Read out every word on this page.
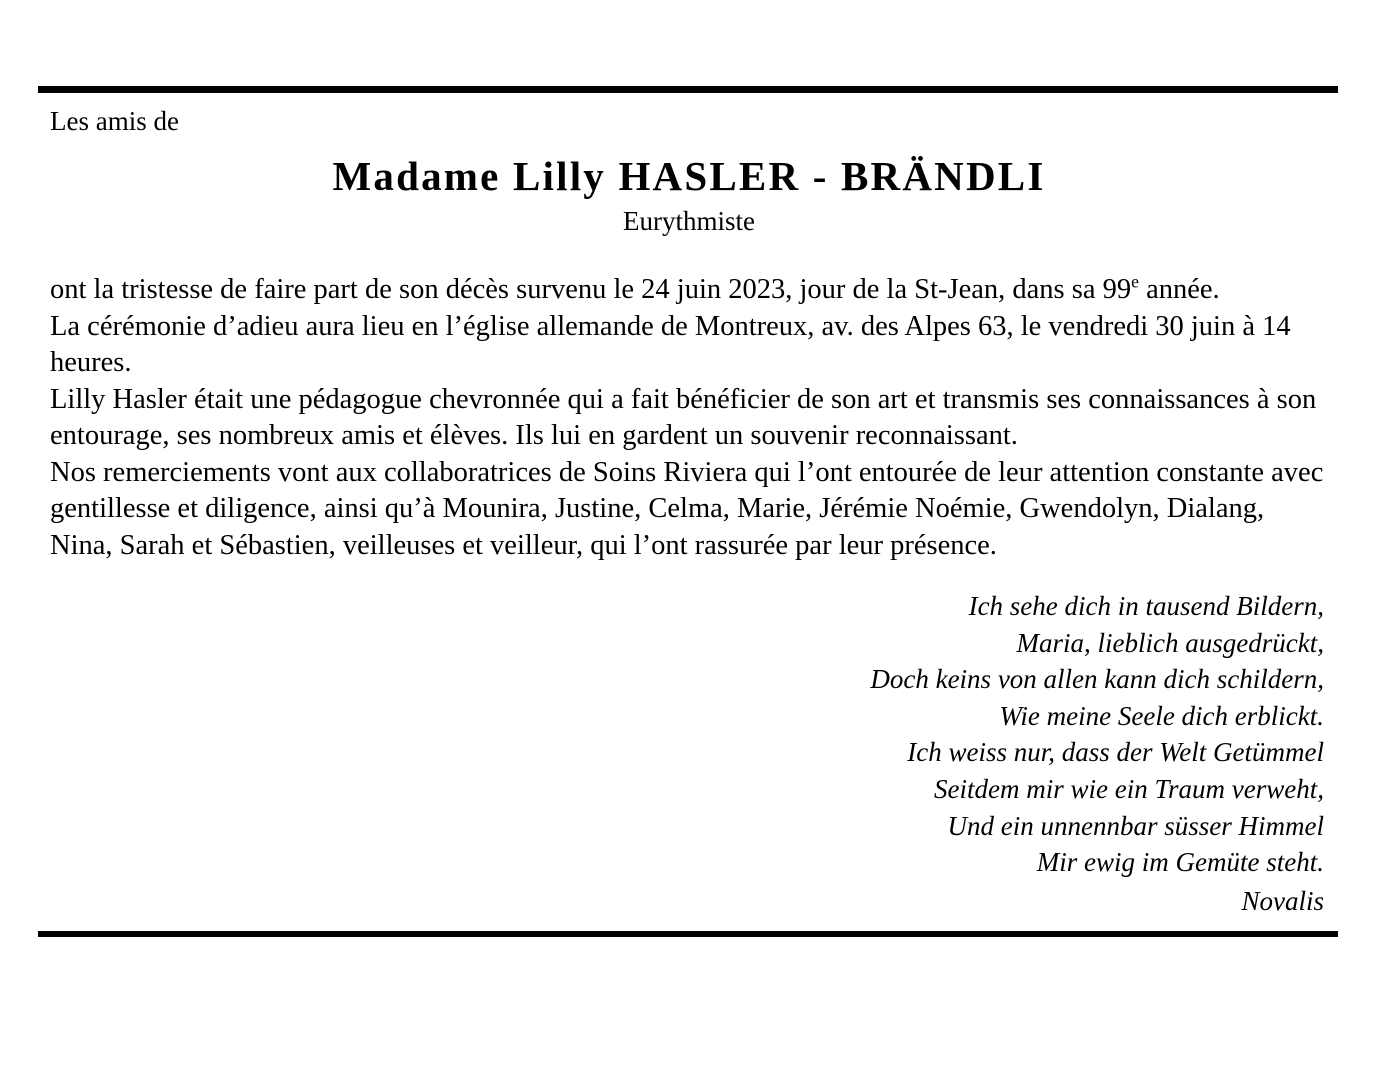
Les amis de
Madame Lilly HASLER - BRÄNDLI
Eurythmiste

ont la tristesse de faire part de son décès survenu le 24 juin 2023, jour de la St-Jean, dans sa 99e année.

La cérémonie d’adieu aura lieu en l’église allemande de Montreux, av. des Alpes 63, le vendredi 30 juin à 14 heures.

Lilly Hasler était une pédagogue chevronnée qui a fait bénéficier de son art et transmis ses connaissances à son entourage, ses nombreux amis et élèves. Ils lui en gardent un souvenir reconnaissant.

Nos remerciements vont aux collaboratrices de Soins Riviera qui l’ont entourée de leur attention constante avec gentillesse et diligence, ainsi qu’à Mounira, Justine, Celma, Marie, Jérémie Noémie, Gwendolyn, Dialang, Nina, Sarah et Sébastien, veilleuses et veilleur, qui l’ont rassurée par leur présence.

Ich sehe dich in tausend Bildern,
Maria, lieblich ausgedrückt,
Doch keins von allen kann dich schildern,
Wie meine Seele dich erblickt.
Ich weiss nur, dass der Welt Getümmel
Seitdem mir wie ein Traum verweht,
Und ein unnennbar süsser Himmel
Mir ewig im Gemüte steht.
Novalis
